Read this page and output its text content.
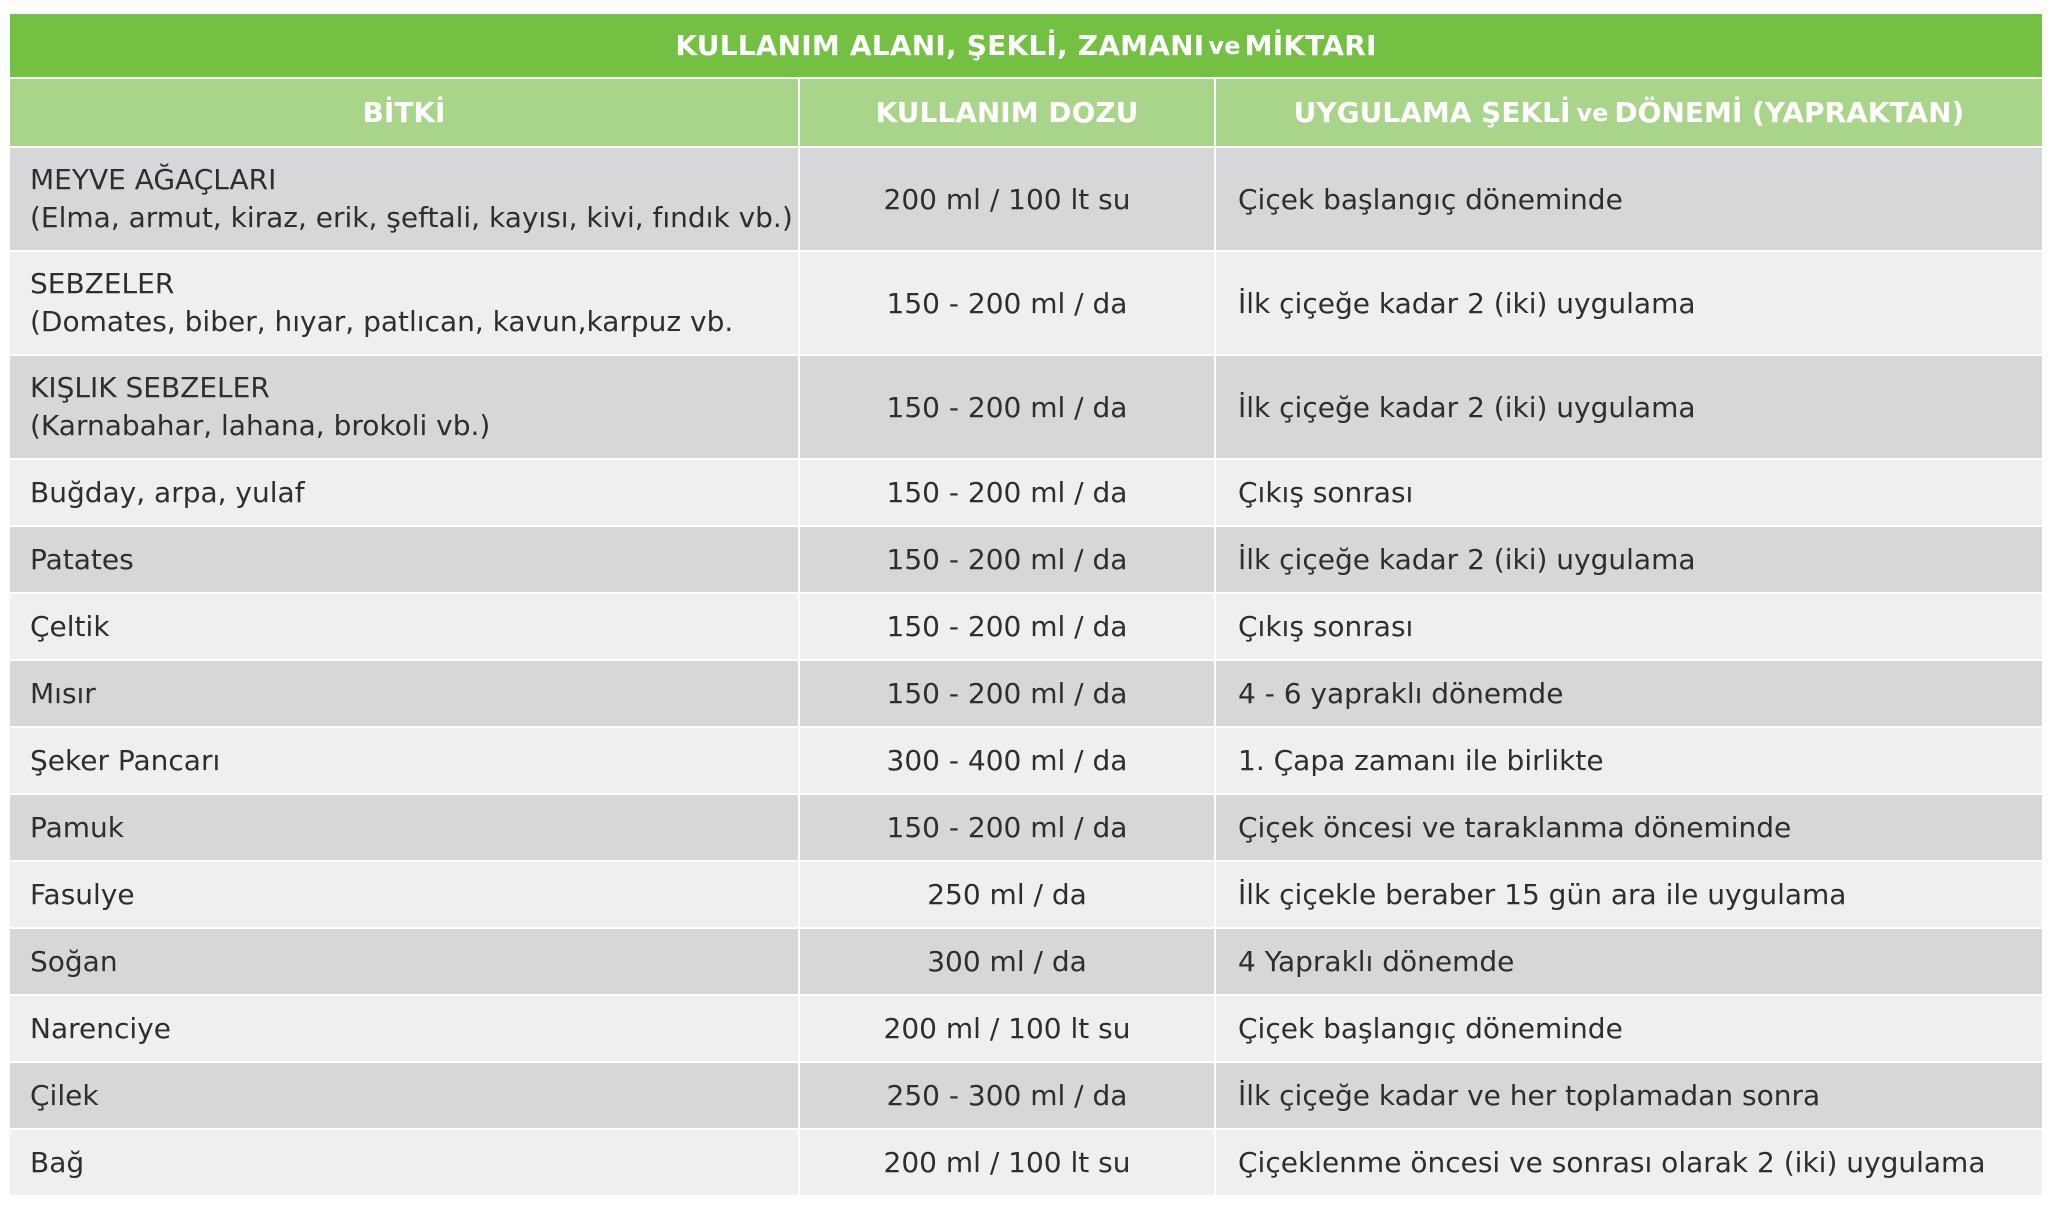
KULLANIM ALANI, ŞEKLİ, ZAMANI ve MİKTARI
BİTKİ	KULLANIM DOZU	UYGULAMA ŞEKLİ ve DÖNEMİ (YAPRAKTAN)
MEYVE AĞAÇLARI
(Elma, armut, kiraz, erik, şeftali, kayısı, kivi, fındık vb.)
200 ml / 100 lt su	Çiçek başlangıç döneminde
SEBZELER
(Domates, biber, hıyar, patlıcan, kavun,karpuz vb.
150 - 200 ml / da	İlk çiçeğe kadar 2 (iki) uygulama
KIŞLIK SEBZELER
(Karnabahar, lahana, brokoli vb.)
150 - 200 ml / da	İlk çiçeğe kadar 2 (iki) uygulama
Buğday, arpa, yulaf	150 - 200 ml / da	Çıkış sonrası
Patates	150 - 200 ml / da	İlk çiçeğe kadar 2 (iki) uygulama
Çeltik	150 - 200 ml / da	Çıkış sonrası
Mısır	150 - 200 ml / da	4 - 6 yapraklı dönemde
Şeker Pancarı	300 - 400 ml / da	1. Çapa zamanı ile birlikte
Pamuk	150 - 200 ml / da	Çiçek öncesi ve taraklanma döneminde
Fasulye	250 ml / da	İlk çiçekle beraber 15 gün ara ile uygulama
Soğan	300 ml / da	4 Yapraklı dönemde
Narenciye	200 ml / 100 lt su	Çiçek başlangıç döneminde
Çilek	250 - 300 ml / da	İlk çiçeğe kadar ve her toplamadan sonra
Bağ	200 ml / 100 lt su	Çiçeklenme öncesi ve sonrası olarak 2 (iki) uygulama
